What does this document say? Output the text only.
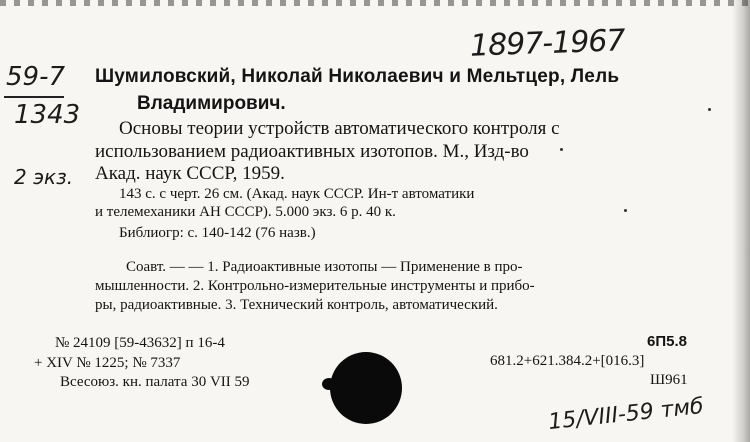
1897-1967
59-7
1343
2 экз.
Шумиловский, Николай Николаевич и Мельтцер, Лель
Владимирович.
Основы теории устройств автоматического контроля с
использованием радиоактивных изотопов. М., Изд-во
Акад. наук СССР, 1959.
143 с. с черт. 26 см. (Акад. наук СССР. Ин-т автоматики
и телемеханики АН СССР). 5.000 экз. 6 р. 40 к.
Библиогр: с. 140-142 (76 назв.)
Соавт. — — 1. Радиоактивные изотопы — Применение в про-
мышленности. 2. Контрольно-измерительные инструменты и прибо-
ры, радиоактивные. 3. Технический контроль, автоматический.
№ 24109 [59-43632] п 16-4
+ XIV № 1225; № 7337
Всесоюз. кн. палата 30 VII 59
6П5.8
681.2+621.384.2+[016.3]
Ш961
15/VIII-59 тмб
